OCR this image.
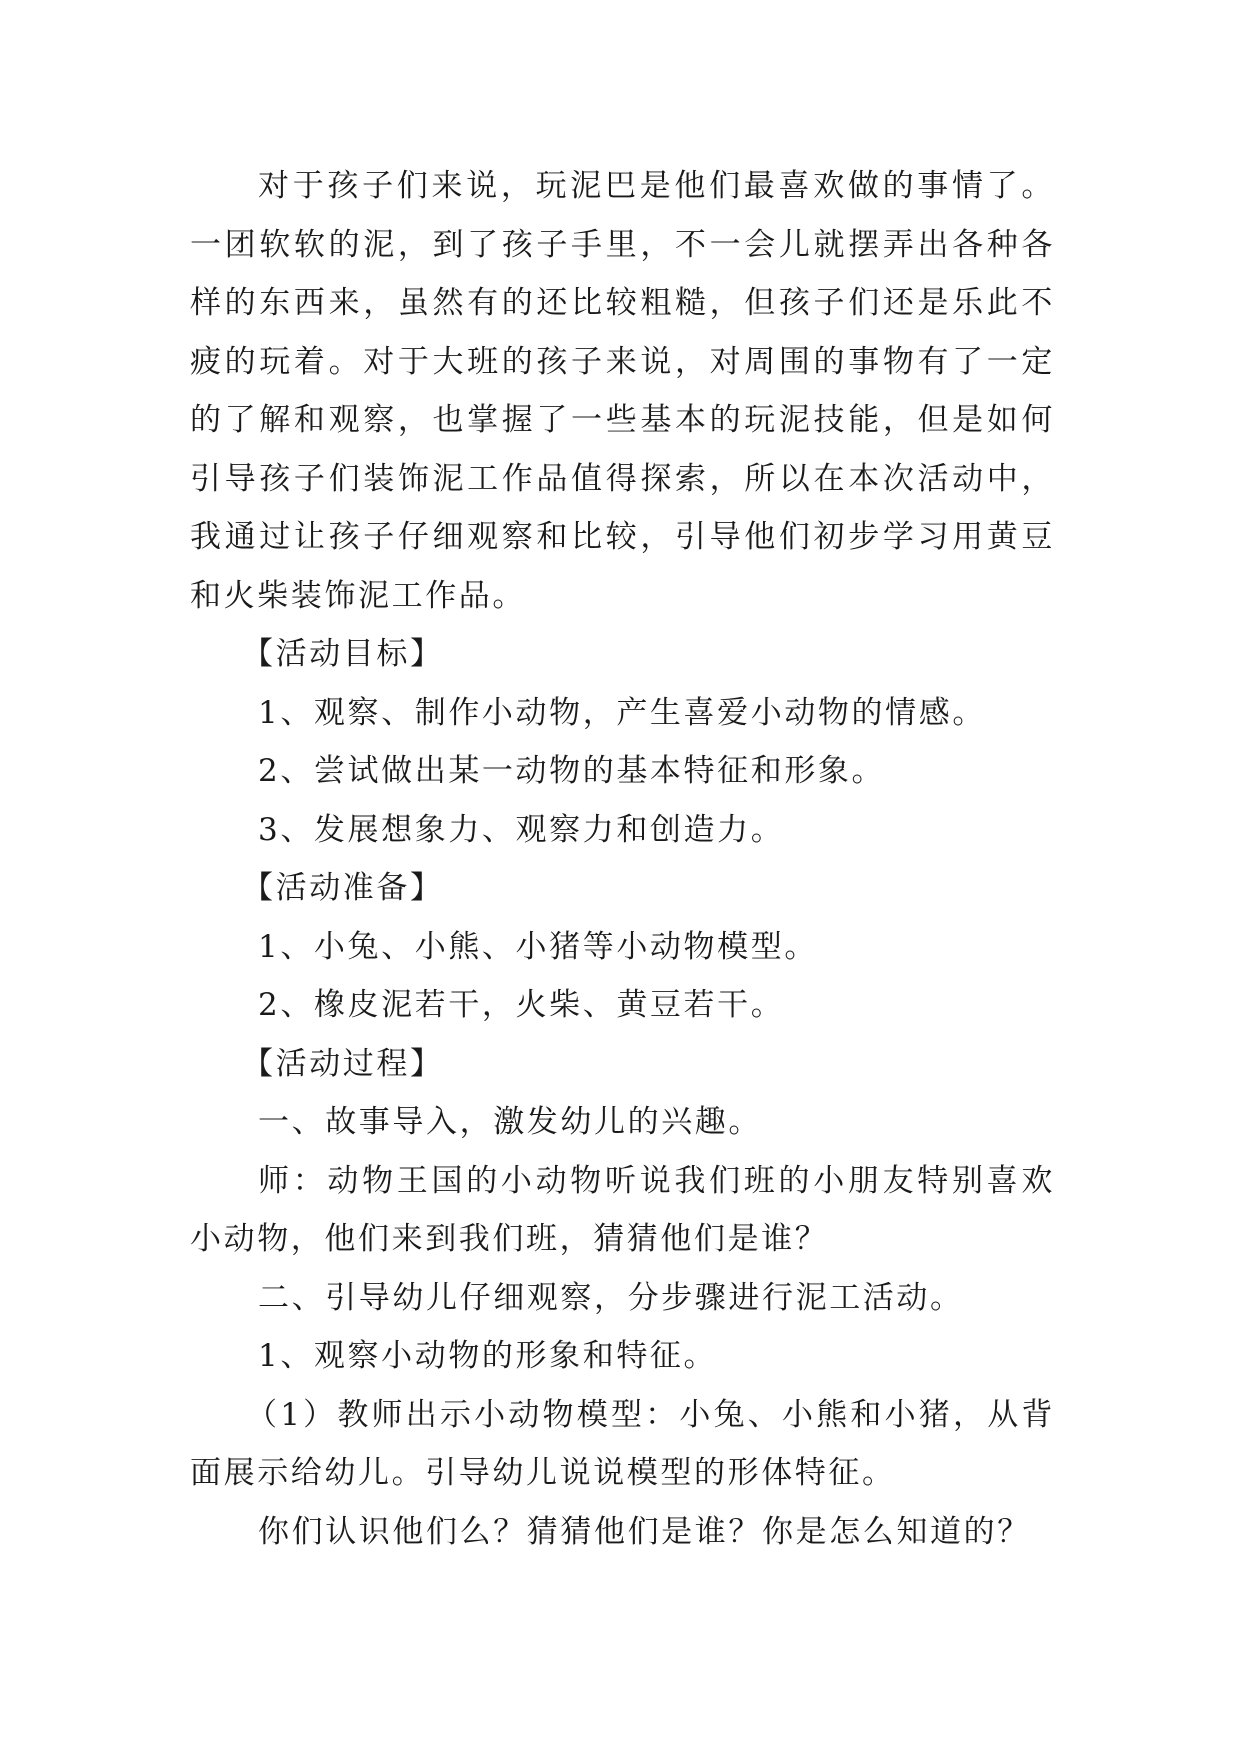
对于孩子们来说，玩泥巴是他们最喜欢做的事情了。一团软软的泥，到了孩子手里，不一会儿就摆弄出各种各样的东西来，虽然有的还比较粗糙，但孩子们还是乐此不疲的玩着。对于大班的孩子来说，对周围的事物有了一定的了解和观察，也掌握了一些基本的玩泥技能，但是如何引导孩子们装饰泥工作品值得探索，所以在本次活动中，我通过让孩子仔细观察和比较，引导他们初步学习用黄豆和火柴装饰泥工作品。

【活动目标】

1、观察、制作小动物，产生喜爱小动物的情感。

2、尝试做出某一动物的基本特征和形象。

3、发展想象力、观察力和创造力。

【活动准备】

1、小兔、小熊、小猪等小动物模型。

2、橡皮泥若干，火柴、黄豆若干。

【活动过程】

一、故事导入，激发幼儿的兴趣。

师：动物王国的小动物听说我们班的小朋友特别喜欢小动物，他们来到我们班，猜猜他们是谁？

二、引导幼儿仔细观察，分步骤进行泥工活动。

1、观察小动物的形象和特征。

（1）教师出示小动物模型：小兔、小熊和小猪，从背面展示给幼儿。引导幼儿说说模型的形体特征。

你们认识他们么？猜猜他们是谁？你是怎么知道的？
